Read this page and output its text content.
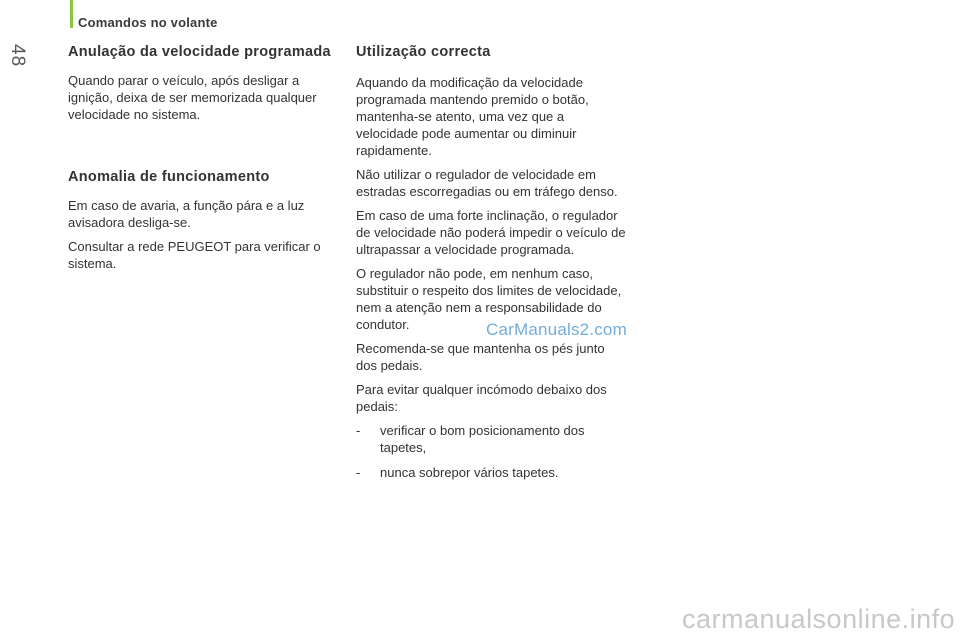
Comandos no volante
48	Anulação da velocidade programada

Quando parar o veículo, após desligar a ignição, deixa de ser memorizada qualquer velocidade no sistema.

Anomalia de funcionamento

Em caso de avaria, a função pára e a luz avisadora desliga-se.

Consultar a rede PEUGEOT para verificar o sistema.

Utilização correcta

Aquando da modificação da velocidade programada mantendo premido o botão, mantenha-se atento, uma vez que a velocidade pode aumentar ou diminuir rapidamente.

Não utilizar o regulador de velocidade em estradas escorregadias ou em tráfego denso.

Em caso de uma forte inclinação, o regulador de velocidade não poderá impedir o veículo de ultrapassar a velocidade programada.

O regulador não pode, em nenhum caso, substituir o respeito dos limites de velocidade, nem a atenção nem a responsabilidade do condutor.

Recomenda-se que mantenha os pés junto dos pedais.

Para evitar qualquer incómodo debaixo dos pedais:

-	verificar o bom posicionamento dos tapetes,
-	nunca sobrepor vários tapetes.
CarManuals2.com
carmanualsonline.info
